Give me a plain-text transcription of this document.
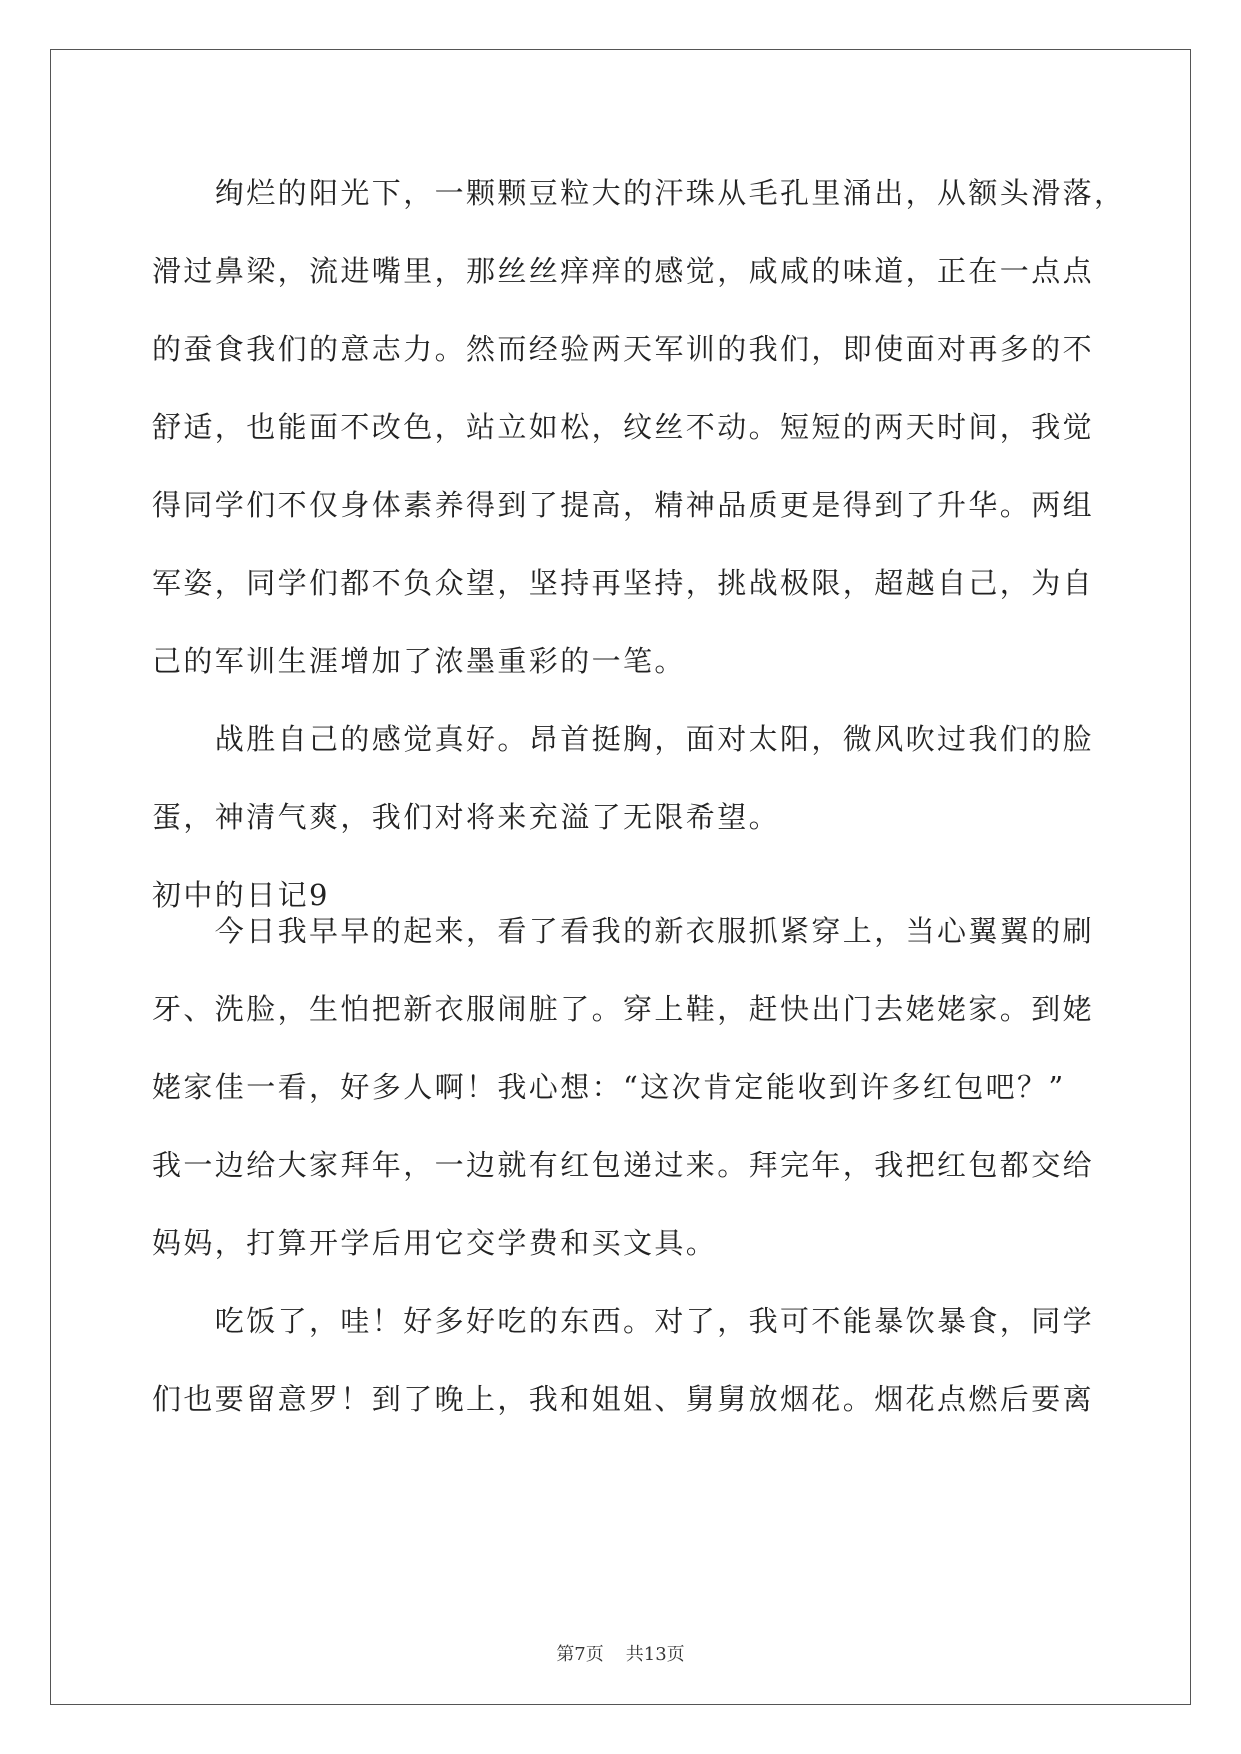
　　绚烂的阳光下，一颗颗豆粒大的汗珠从毛孔里涌出，从额头滑落，
滑过鼻梁，流进嘴里，那丝丝痒痒的感觉，咸咸的味道，正在一点点
的蚕食我们的意志力。然而经验两天军训的我们，即使面对再多的不
舒适，也能面不改色，站立如松，纹丝不动。短短的两天时间，我觉
得同学们不仅身体素养得到了提高，精神品质更是得到了升华。两组
军姿，同学们都不负众望，坚持再坚持，挑战极限，超越自己，为自
己的军训生涯增加了浓墨重彩的一笔。
　　战胜自己的感觉真好。昂首挺胸，面对太阳，微风吹过我们的脸
蛋，神清气爽，我们对将来充溢了无限希望。
初中的日记9
　　今日我早早的起来，看了看我的新衣服抓紧穿上，当心翼翼的刷
牙、洗脸，生怕把新衣服闹脏了。穿上鞋，赶快出门去姥姥家。到姥
姥家佳一看，好多人啊！我心想：“这次肯定能收到许多红包吧？”
我一边给大家拜年，一边就有红包递过来。拜完年，我把红包都交给
妈妈，打算开学后用它交学费和买文具。
　　吃饭了，哇！好多好吃的东西。对了，我可不能暴饮暴食，同学
们也要留意罗！到了晚上，我和姐姐、舅舅放烟花。烟花点燃后要离
第7页 共13页
